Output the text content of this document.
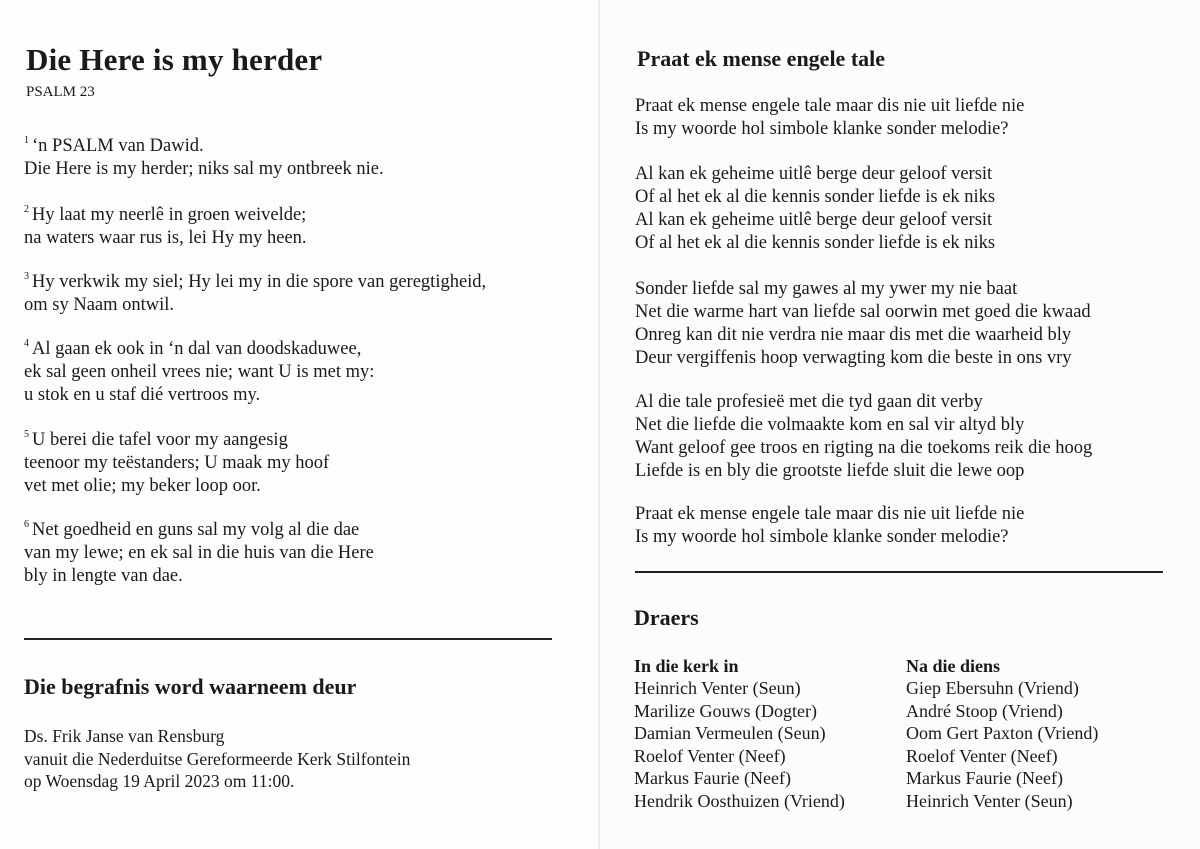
Die Here is my herder
PSALM 23
$^1$ ‘n PSALM van Dawid.
Die Here is my herder; niks sal my ontbreek nie.
$^2$ Hy laat my neerlê in groen weivelde;
na waters waar rus is, lei Hy my heen.
$^3$ Hy verkwik my siel; Hy lei my in die spore van geregtigheid,
om sy Naam ontwil.
$^4$ Al gaan ek ook in ‘n dal van doodskaduwee,
ek sal geen onheil vrees nie; want U is met my:
u stok en u staf dié vertroos my.
$^5$ U berei die tafel voor my aangesig
teenoor my teëstanders; U maak my hoof
vet met olie; my beker loop oor.
$^6$ Net goedheid en guns sal my volg al die dae
van my lewe; en ek sal in die huis van die Here
bly in lengte van dae.
Die begrafnis word waarneem deur
Ds. Frik Janse van Rensburg
vanuit die Nederduitse Gereformeerde Kerk Stilfontein
op Woensdag 19 April 2023 om 11:00.
Praat ek mense engele tale
Praat ek mense engele tale maar dis nie uit liefde nie
Is my woorde hol simbole klanke sonder melodie?
Al kan ek geheime uitlê berge deur geloof versit
Of al het ek al die kennis sonder liefde is ek niks
Al kan ek geheime uitlê berge deur geloof versit
Of al het ek al die kennis sonder liefde is ek niks
Sonder liefde sal my gawes al my ywer my nie baat
Net die warme hart van liefde sal oorwin met goed die kwaad
Onreg kan dit nie verdra nie maar dis met die waarheid bly
Deur vergiffenis hoop verwagting kom die beste in ons vry
Al die tale profesieë met die tyd gaan dit verby
Net die liefde die volmaakte kom en sal vir altyd bly
Want geloof gee troos en rigting na die toekoms reik die hoog
Liefde is en bly die grootste liefde sluit die lewe oop
Praat ek mense engele tale maar dis nie uit liefde nie
Is my woorde hol simbole klanke sonder melodie?
Draers
In die kerk in
Heinrich Venter (Seun)
Marilize Gouws (Dogter)
Damian Vermeulen (Seun)
Roelof Venter (Neef)
Markus Faurie (Neef)
Hendrik Oosthuizen (Vriend)
Na die diens
Giep Ebersuhn (Vriend)
André Stoop (Vriend)
Oom Gert Paxton (Vriend)
Roelof Venter (Neef)
Markus Faurie (Neef)
Heinrich Venter (Seun)
